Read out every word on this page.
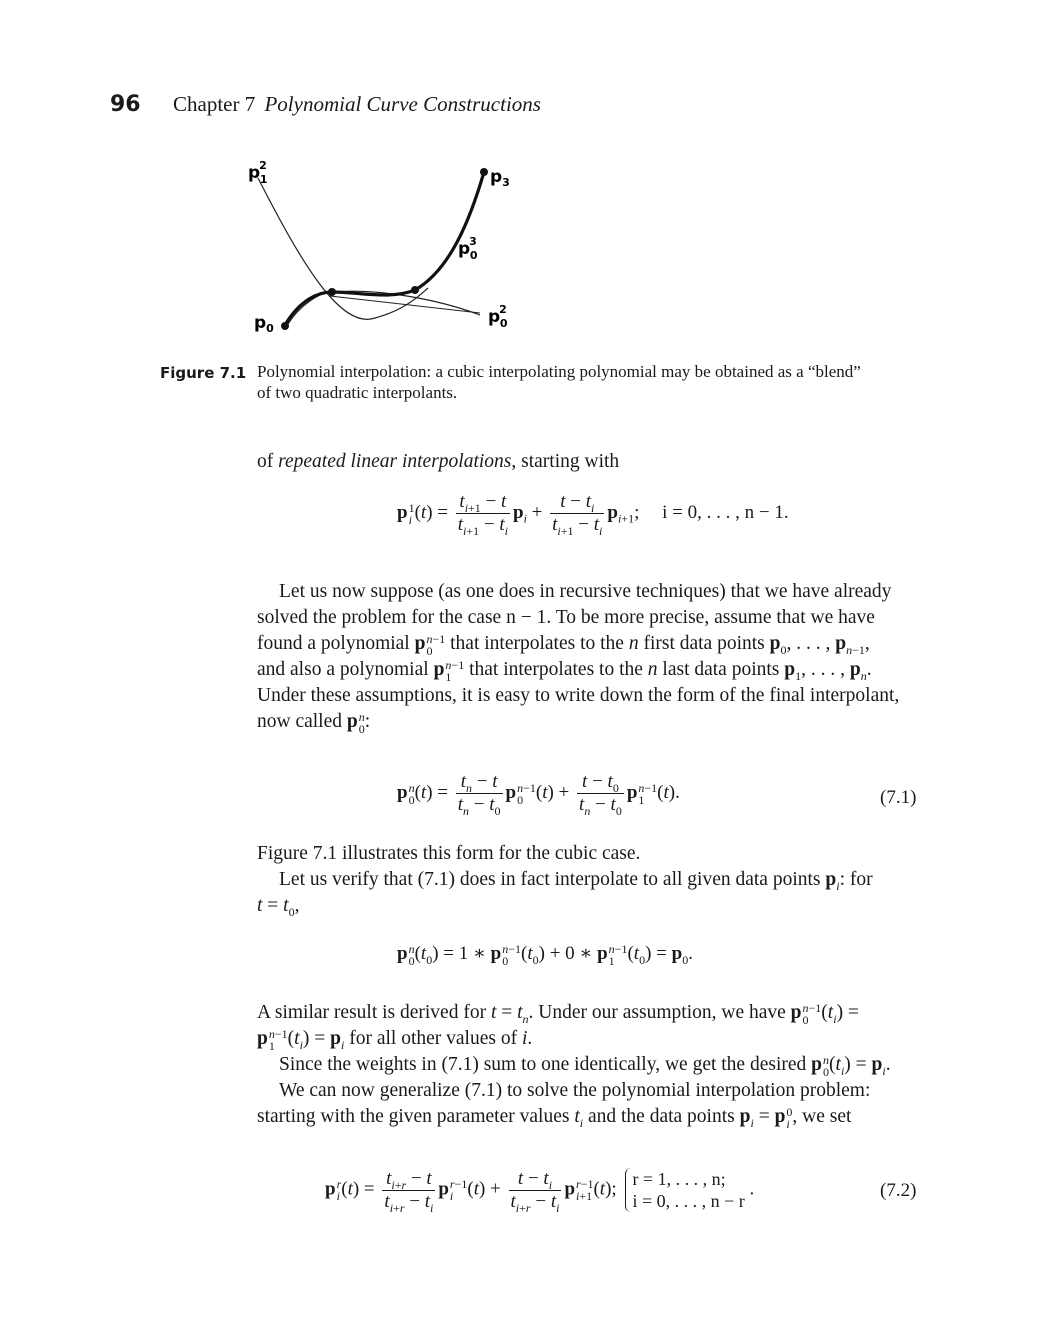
96 Chapter 7 Polynomial Curve Constructions
p2 1	$p_3$
p3 0
$p_0$
p2 0
Figure 7.1 Polynomial interpolation: a cubic interpolating polynomial may be obtained as a “blend”
of two quadratic interpolants.
of repeated linear interpolations, starting with
p 1
i $(t) = \frac{t_{i+1} - t}{t_{i+1} - t_i} p_i + \frac{t - t_i}{t_{i+1} - t_i} p_{i+1}$; i = 0, . . . , n − 1.
Let us now suppose (as one does in recursive techniques) that we have already
solved the problem for the case n − 1. To be more precise, assume that we have
found a polynomial p n−1
0 that interpolates to the n first data points $p_0$, . . . , $p_{n-1}$,
and also a polynomial p n−1
1 that interpolates to the n last data points $p_1$, . . . , $p_n$.
Under these assumptions, it is easy to write down the form of the final interpolant,
now called p n
0 :
p n
0 $(t) = \frac{t_n - t}{t_n - t_0}$ p n−1
0 $(t) + \frac{t - t_0}{t_n - t_0}$ p n−1
1 (t).	(7.1)
Figure 7.1 illustrates this form for the cubic case.
Let us verify that (7.1) does in fact interpolate to all given data points $p_i$: for
$t = t_0$,
p n
0 $(t_0) = 1$ ∗ p n−1
0 $(t_0) + 0$ ∗ p n−1
1 $(t_0) = p_0$.
A similar result is derived for $t = t_n$. Under our assumption, we have p n−1
0 $(t_i)$ =
p n−1
1 $(t_i) = p_i$ for all other values of i.
Since the weights in (7.1) sum to one identically, we get the desired p n
0 $(t_i) = p_i$.
We can now generalize (7.1) to solve the polynomial interpolation problem:
starting with the given parameter values $t_i$ and the data points $p_i = p$ 0
i , we set
p r
i $(t) = \frac{t_{i+r} - t}{t_{i+r} - t_i}$ p r−1
i $(t) + \frac{t - t_i}{t_{i+r} - t_i}$ p r−1
i+1 (t); r = 1, . . . , n;
i = 0, . . . , n − r
.	(7.2)
